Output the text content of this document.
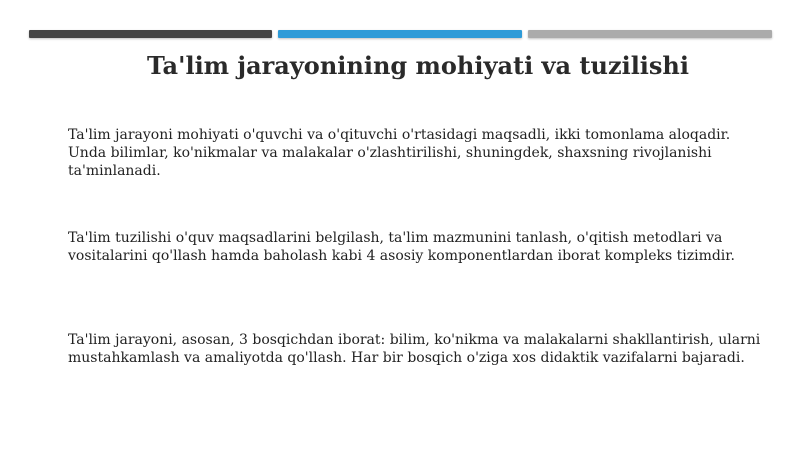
Ta'lim jarayonining mohiyati va tuzilishi

Ta'lim jarayoni mohiyati o'quvchi va o'qituvchi o'rtasidagi maqsadli, ikki tomonlama aloqadir.
Unda bilimlar, ko'nikmalar va malakalar o'zlashtirilishi, shuningdek, shaxsning rivojlanishi
ta'minlanadi.

Ta'lim tuzilishi o'quv maqsadlarini belgilash, ta'lim mazmunini tanlash, o'qitish metodlari va
vositalarini qo'llash hamda baholash kabi 4 asosiy komponentlardan iborat kompleks tizimdir.

Ta'lim jarayoni, asosan, 3 bosqichdan iborat: bilim, ko'nikma va malakalarni shakllantirish, ularni
mustahkamlash va amaliyotda qo'llash. Har bir bosqich o'ziga xos didaktik vazifalarni bajaradi.
